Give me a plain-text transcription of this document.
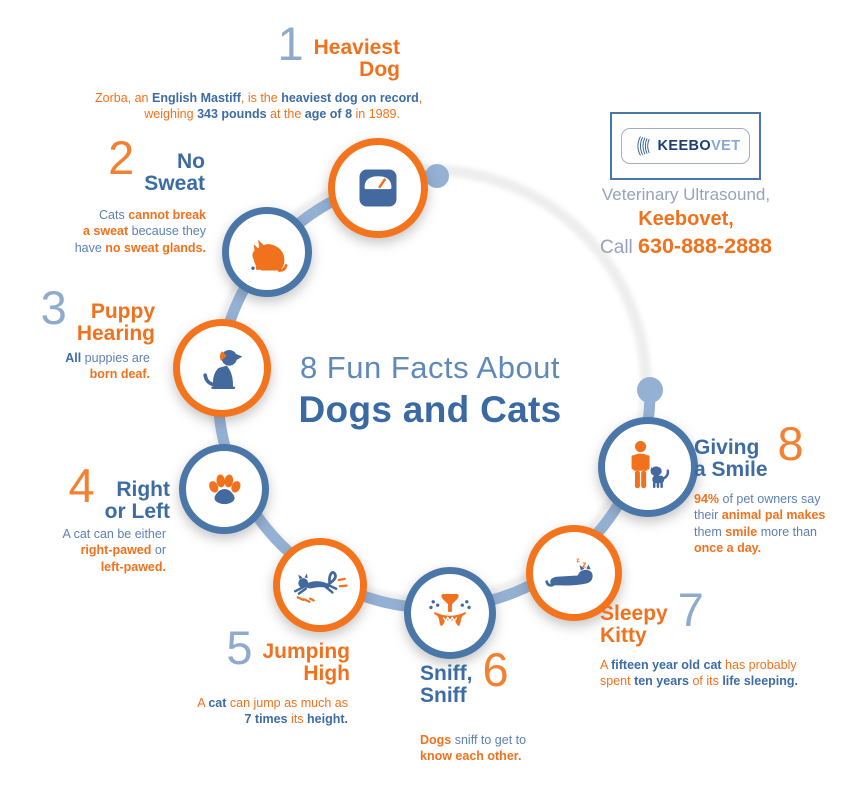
z z
1 Heaviest
Dog
Zorba, an English Mastiff, is the heaviest dog on record,
weighing 343 pounds at the age of 8 in 1989.
2	No
Sweat
Cats cannot break
a sweat because they
have no sweat glands.
3	Puppy
Hearing
All puppies are
born deaf.
4	Right
or Left
A cat can be either
right-pawed or
left-pawed.
5 Jumping
High
A cat can jump as much as
7 times its height.
Sniff,
Sniff 6
Dogs sniff to get to
know each other.
Sleepy
Kitty 7
A fifteen year old cat has probably
spent ten years of its life sleeping.
Giving
a Smile 8
94% of pet owners say
their animal pal makes
them smile more than
once a day.
8 Fun Facts About
Dogs and Cats
KEEBOVET
Veterinary Ultrasound,
Keebovet,
Call 630-888-2888
